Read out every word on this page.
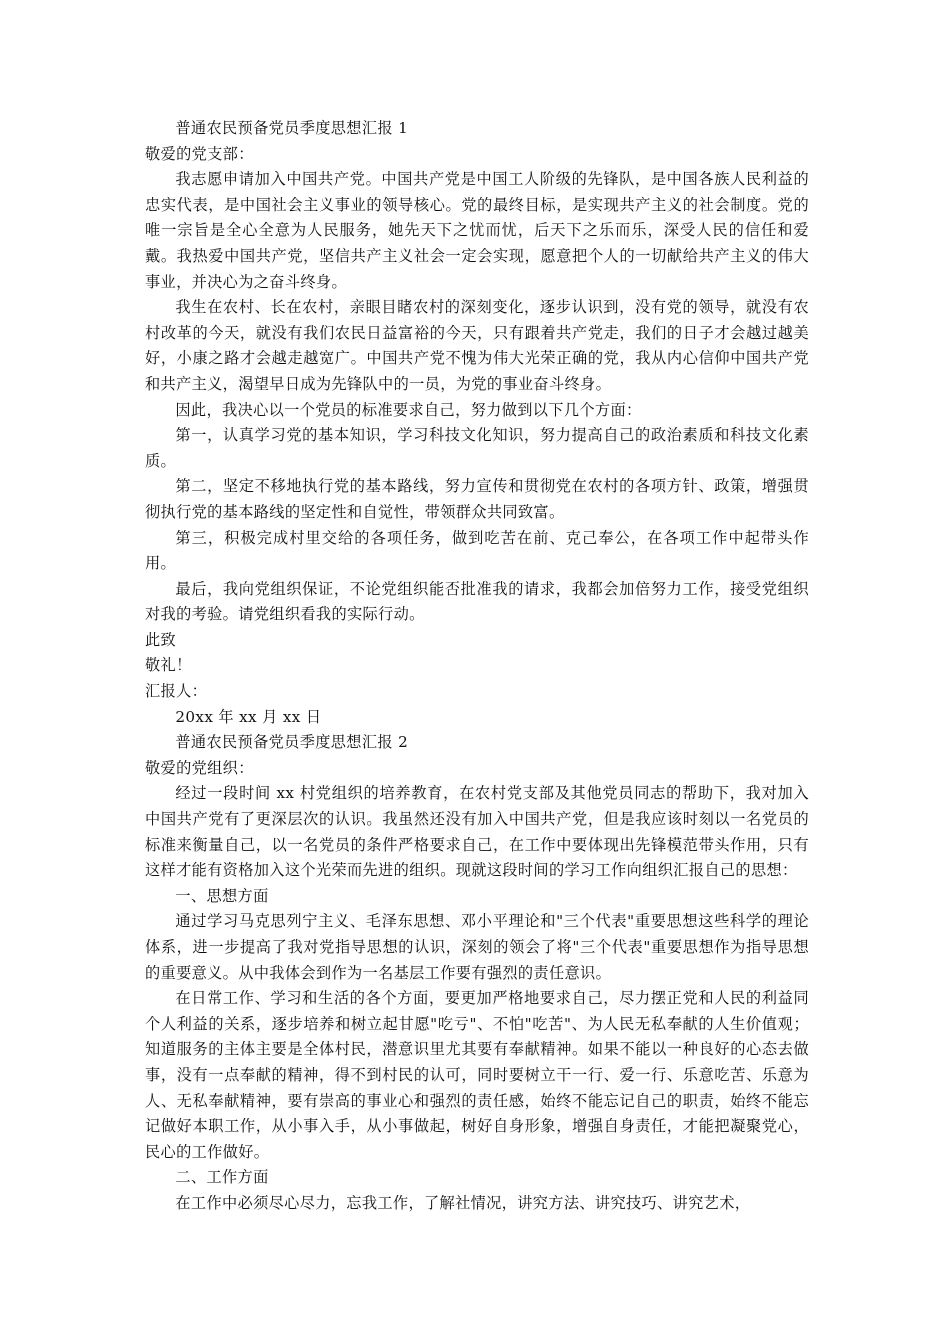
普通农民预备党员季度思想汇报 1

敬爱的党支部：

我志愿申请加入中国共产党。中国共产党是中国工人阶级的先锋队，是中国各族人民利益的忠实代表，是中国社会主义事业的领导核心。党的最终目标，是实现共产主义的社会制度。党的唯一宗旨是全心全意为人民服务，她先天下之忧而忧，后天下之乐而乐，深受人民的信任和爱戴。我热爱中国共产党，坚信共产主义社会一定会实现，愿意把个人的一切献给共产主义的伟大事业，并决心为之奋斗终身。

我生在农村、长在农村，亲眼目睹农村的深刻变化，逐步认识到，没有党的领导，就没有农村改革的今天，就没有我们农民日益富裕的今天，只有跟着共产党走，我们的日子才会越过越美好，小康之路才会越走越宽广。中国共产党不愧为伟大光荣正确的党，我从内心信仰中国共产党和共产主义，渴望早日成为先锋队中的一员，为党的事业奋斗终身。

因此，我决心以一个党员的标准要求自己，努力做到以下几个方面：

第一，认真学习党的基本知识，学习科技文化知识，努力提高自己的政治素质和科技文化素质。

第二，坚定不移地执行党的基本路线，努力宣传和贯彻党在农村的各项方针、政策，增强贯彻执行党的基本路线的坚定性和自觉性，带领群众共同致富。

第三，积极完成村里交给的各项任务，做到吃苦在前、克己奉公，在各项工作中起带头作用。

最后，我向党组织保证，不论党组织能否批准我的请求，我都会加倍努力工作，接受党组织对我的考验。请党组织看我的实际行动。

此致

敬礼！

汇报人：

20xx 年 xx 月 xx 日

普通农民预备党员季度思想汇报 2

敬爱的党组织：

经过一段时间 xx 村党组织的培养教育，在农村党支部及其他党员同志的帮助下，我对加入中国共产党有了更深层次的认识。我虽然还没有加入中国共产党，但是我应该时刻以一名党员的标准来衡量自己，以一名党员的条件严格要求自己，在工作中要体现出先锋模范带头作用，只有这样才能有资格加入这个光荣而先进的组织。现就这段时间的学习工作向组织汇报自己的思想：

一、思想方面

通过学习马克思列宁主义、毛泽东思想、邓小平理论和"三个代表"重要思想这些科学的理论体系，进一步提高了我对党指导思想的认识，深刻的领会了将"三个代表"重要思想作为指导思想的重要意义。从中我体会到作为一名基层工作要有强烈的责任意识。

在日常工作、学习和生活的各个方面，要更加严格地要求自己，尽力摆正党和人民的利益同个人利益的关系，逐步培养和树立起甘愿"吃亏"、不怕"吃苦"、为人民无私奉献的人生价值观；知道服务的主体主要是全体村民，潜意识里尤其要有奉献精神。如果不能以一种良好的心态去做事，没有一点奉献的精神，得不到村民的认可，同时要树立干一行、爱一行、乐意吃苦、乐意为人、无私奉献精神，要有崇高的事业心和强烈的责任感，始终不能忘记自己的职责，始终不能忘记做好本职工作，从小事入手，从小事做起，树好自身形象，增强自身责任，才能把凝聚党心，民心的工作做好。

二、工作方面

在工作中必须尽心尽力，忘我工作，了解社情况，讲究方法、讲究技巧、讲究艺术，
